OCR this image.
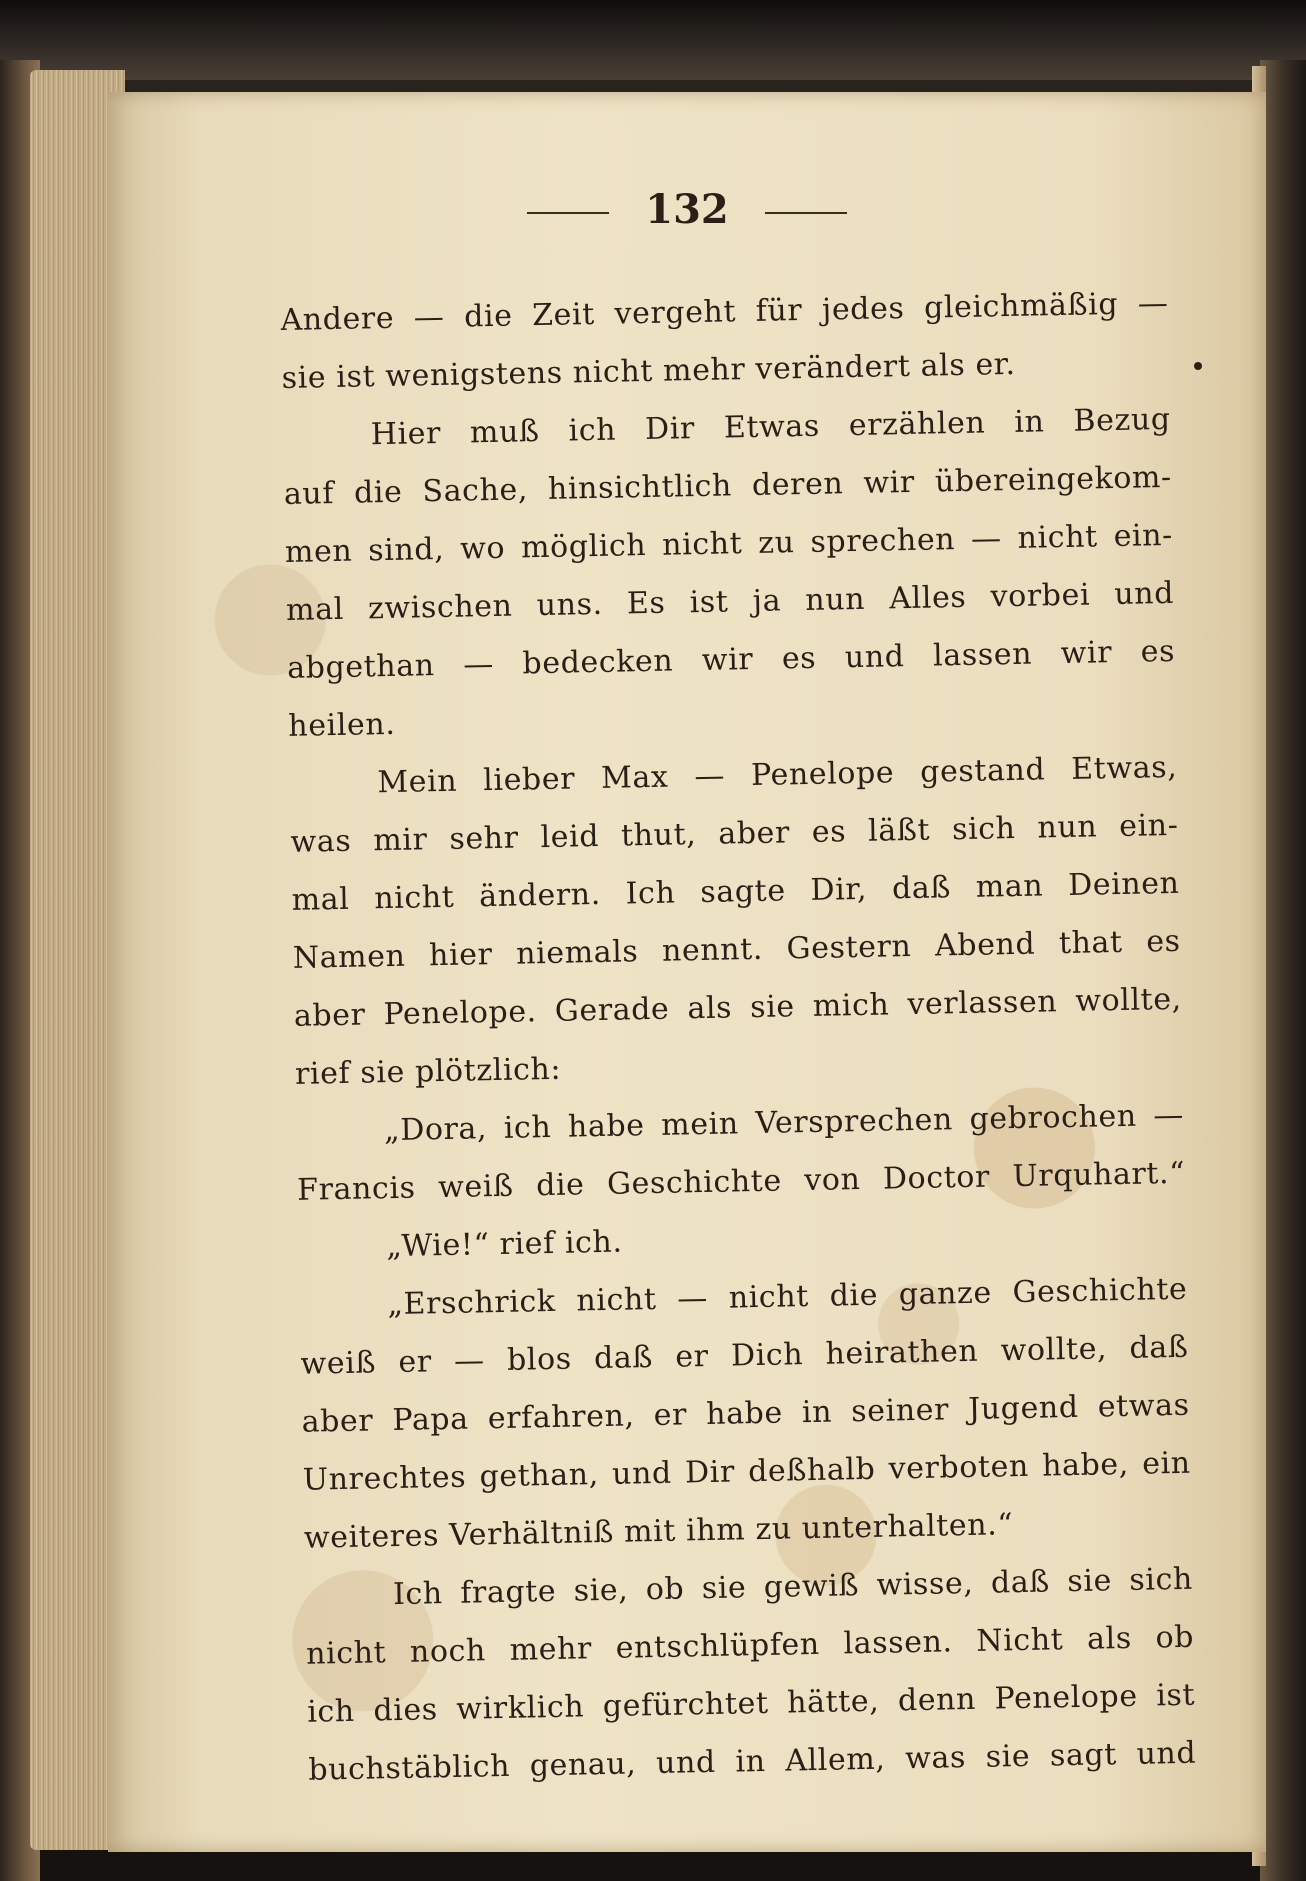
132
Andere — die Zeit vergeht für jedes gleichmäßig —
sie ist wenigstens nicht mehr verändert als er.
Hier muß ich Dir Etwas erzählen in Bezug
auf die Sache, hinsichtlich deren wir übereingekom-
men sind, wo möglich nicht zu sprechen — nicht ein-
mal zwischen uns. Es ist ja nun Alles vorbei und
abgethan — bedecken wir es und lassen wir es
heilen.
Mein lieber Max — Penelope gestand Etwas,
was mir sehr leid thut, aber es läßt sich nun ein-
mal nicht ändern. Ich sagte Dir, daß man Deinen
Namen hier niemals nennt. Gestern Abend that es
aber Penelope. Gerade als sie mich verlassen wollte,
rief sie plötzlich:
„Dora, ich habe mein Versprechen gebrochen —
Francis weiß die Geschichte von Doctor Urquhart.“
„Wie!“ rief ich.
„Erschrick nicht — nicht die ganze Geschichte
weiß er — blos daß er Dich heirathen wollte, daß
aber Papa erfahren, er habe in seiner Jugend etwas
Unrechtes gethan, und Dir deßhalb verboten habe, ein
weiteres Verhältniß mit ihm zu unterhalten.“
Ich fragte sie, ob sie gewiß wisse, daß sie sich
nicht noch mehr entschlüpfen lassen. Nicht als ob
ich dies wirklich gefürchtet hätte, denn Penelope ist
buchstäblich genau, und in Allem, was sie sagt und
